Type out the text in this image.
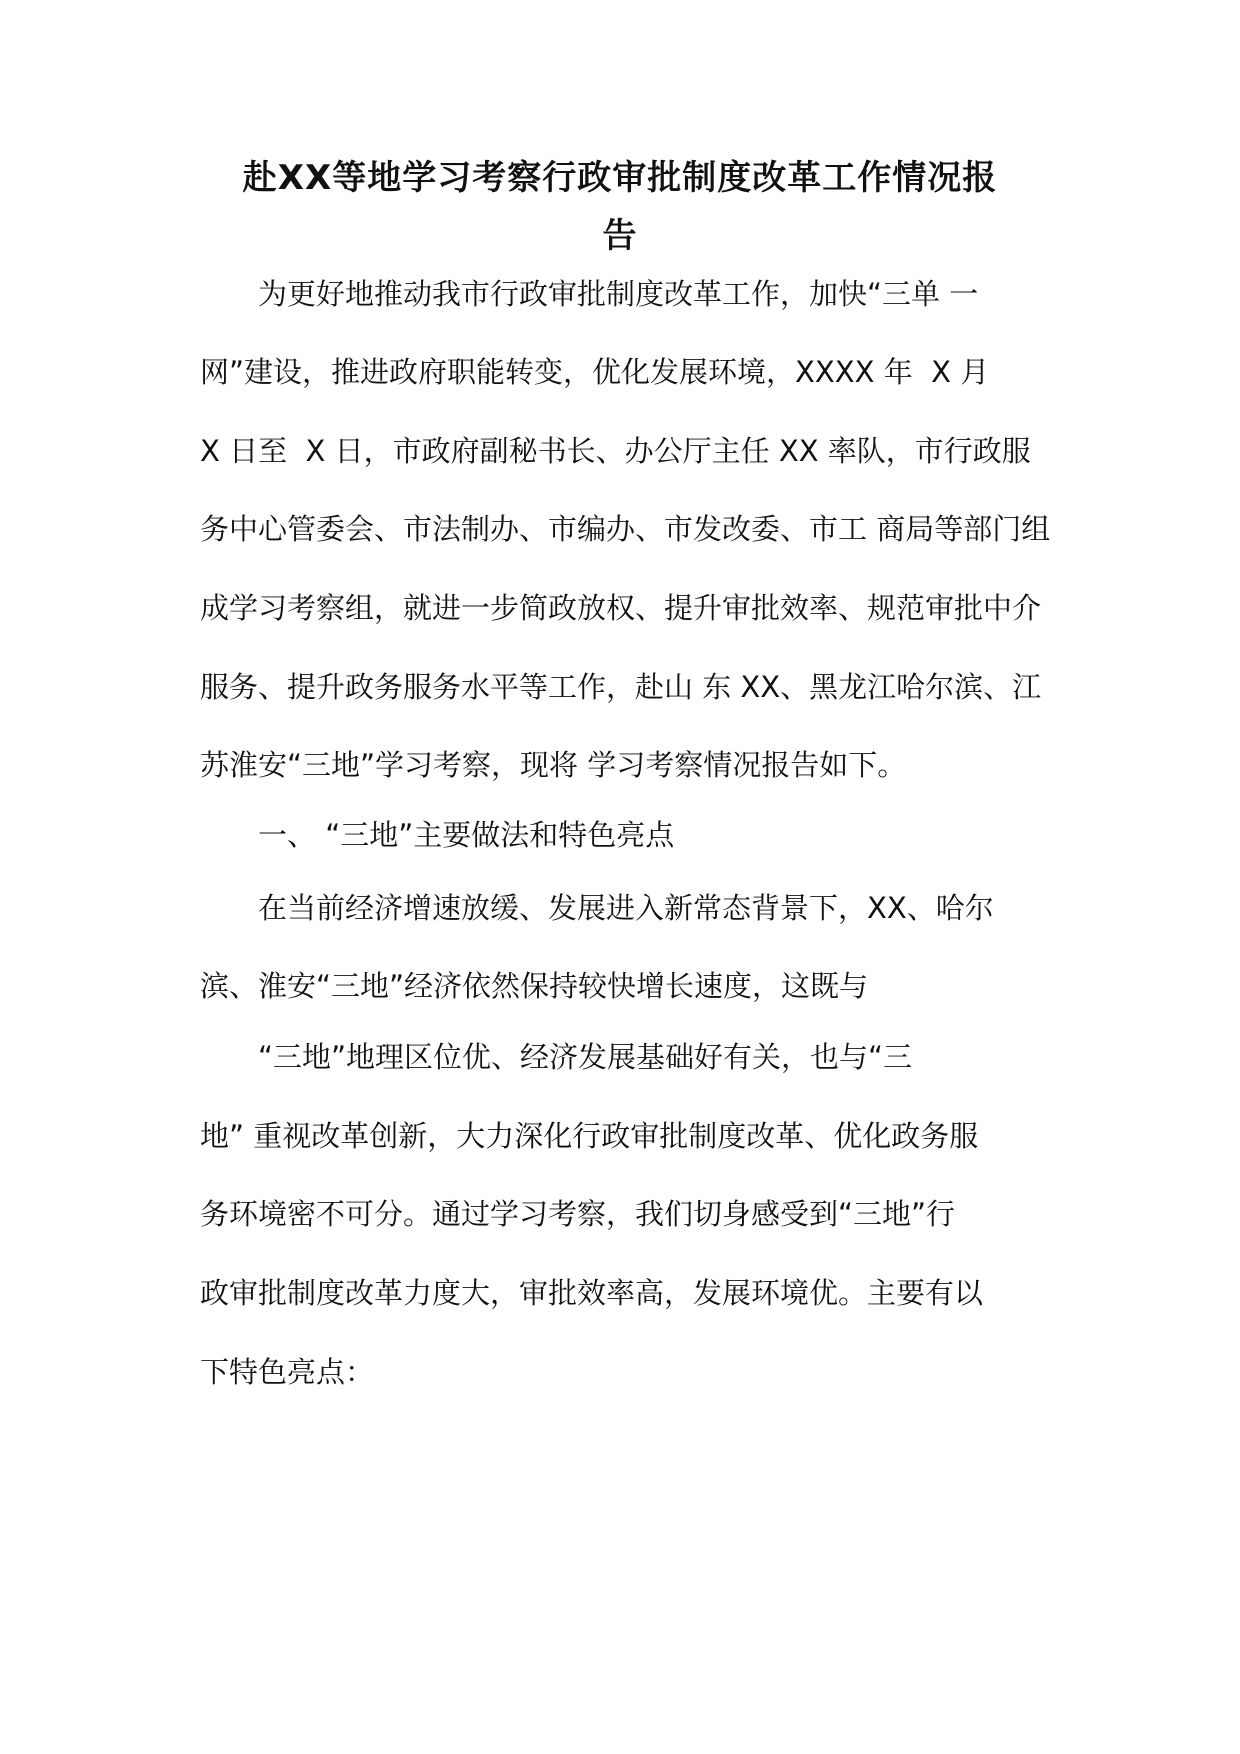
赴XX等地学习考察行政审批制度改革工作情况报
告
　　为更好地推动我市行政审批制度改革工作，加快“三单 一
网”建设，推进政府职能转变，优化发展环境，XXXX 年  X 月
X 日至  X 日，市政府副秘书长、办公厅主任 XX 率队，市行政服
务中心管委会、市法制办、市编办、市发改委、市工 商局等部门组
成学习考察组，就进一步简政放权、提升审批效率、规范审批中介
服务、提升政务服务水平等工作，赴山 东 XX、黑龙江哈尔滨、江
苏淮安“三地”学习考察，现将 学习考察情况报告如下。
　　一、 “三地”主要做法和特色亮点
　　在当前经济增速放缓、发展进入新常态背景下，XX、哈尔
滨、淮安“三地”经济依然保持较快增长速度，这既与
　　“三地”地理区位优、经济发展基础好有关，也与“三
地” 重视改革创新，大力深化行政审批制度改革、优化政务服
务环境密不可分。通过学习考察，我们切身感受到“三地”行
政审批制度改革力度大，审批效率高，发展环境优。主要有以
下特色亮点：
